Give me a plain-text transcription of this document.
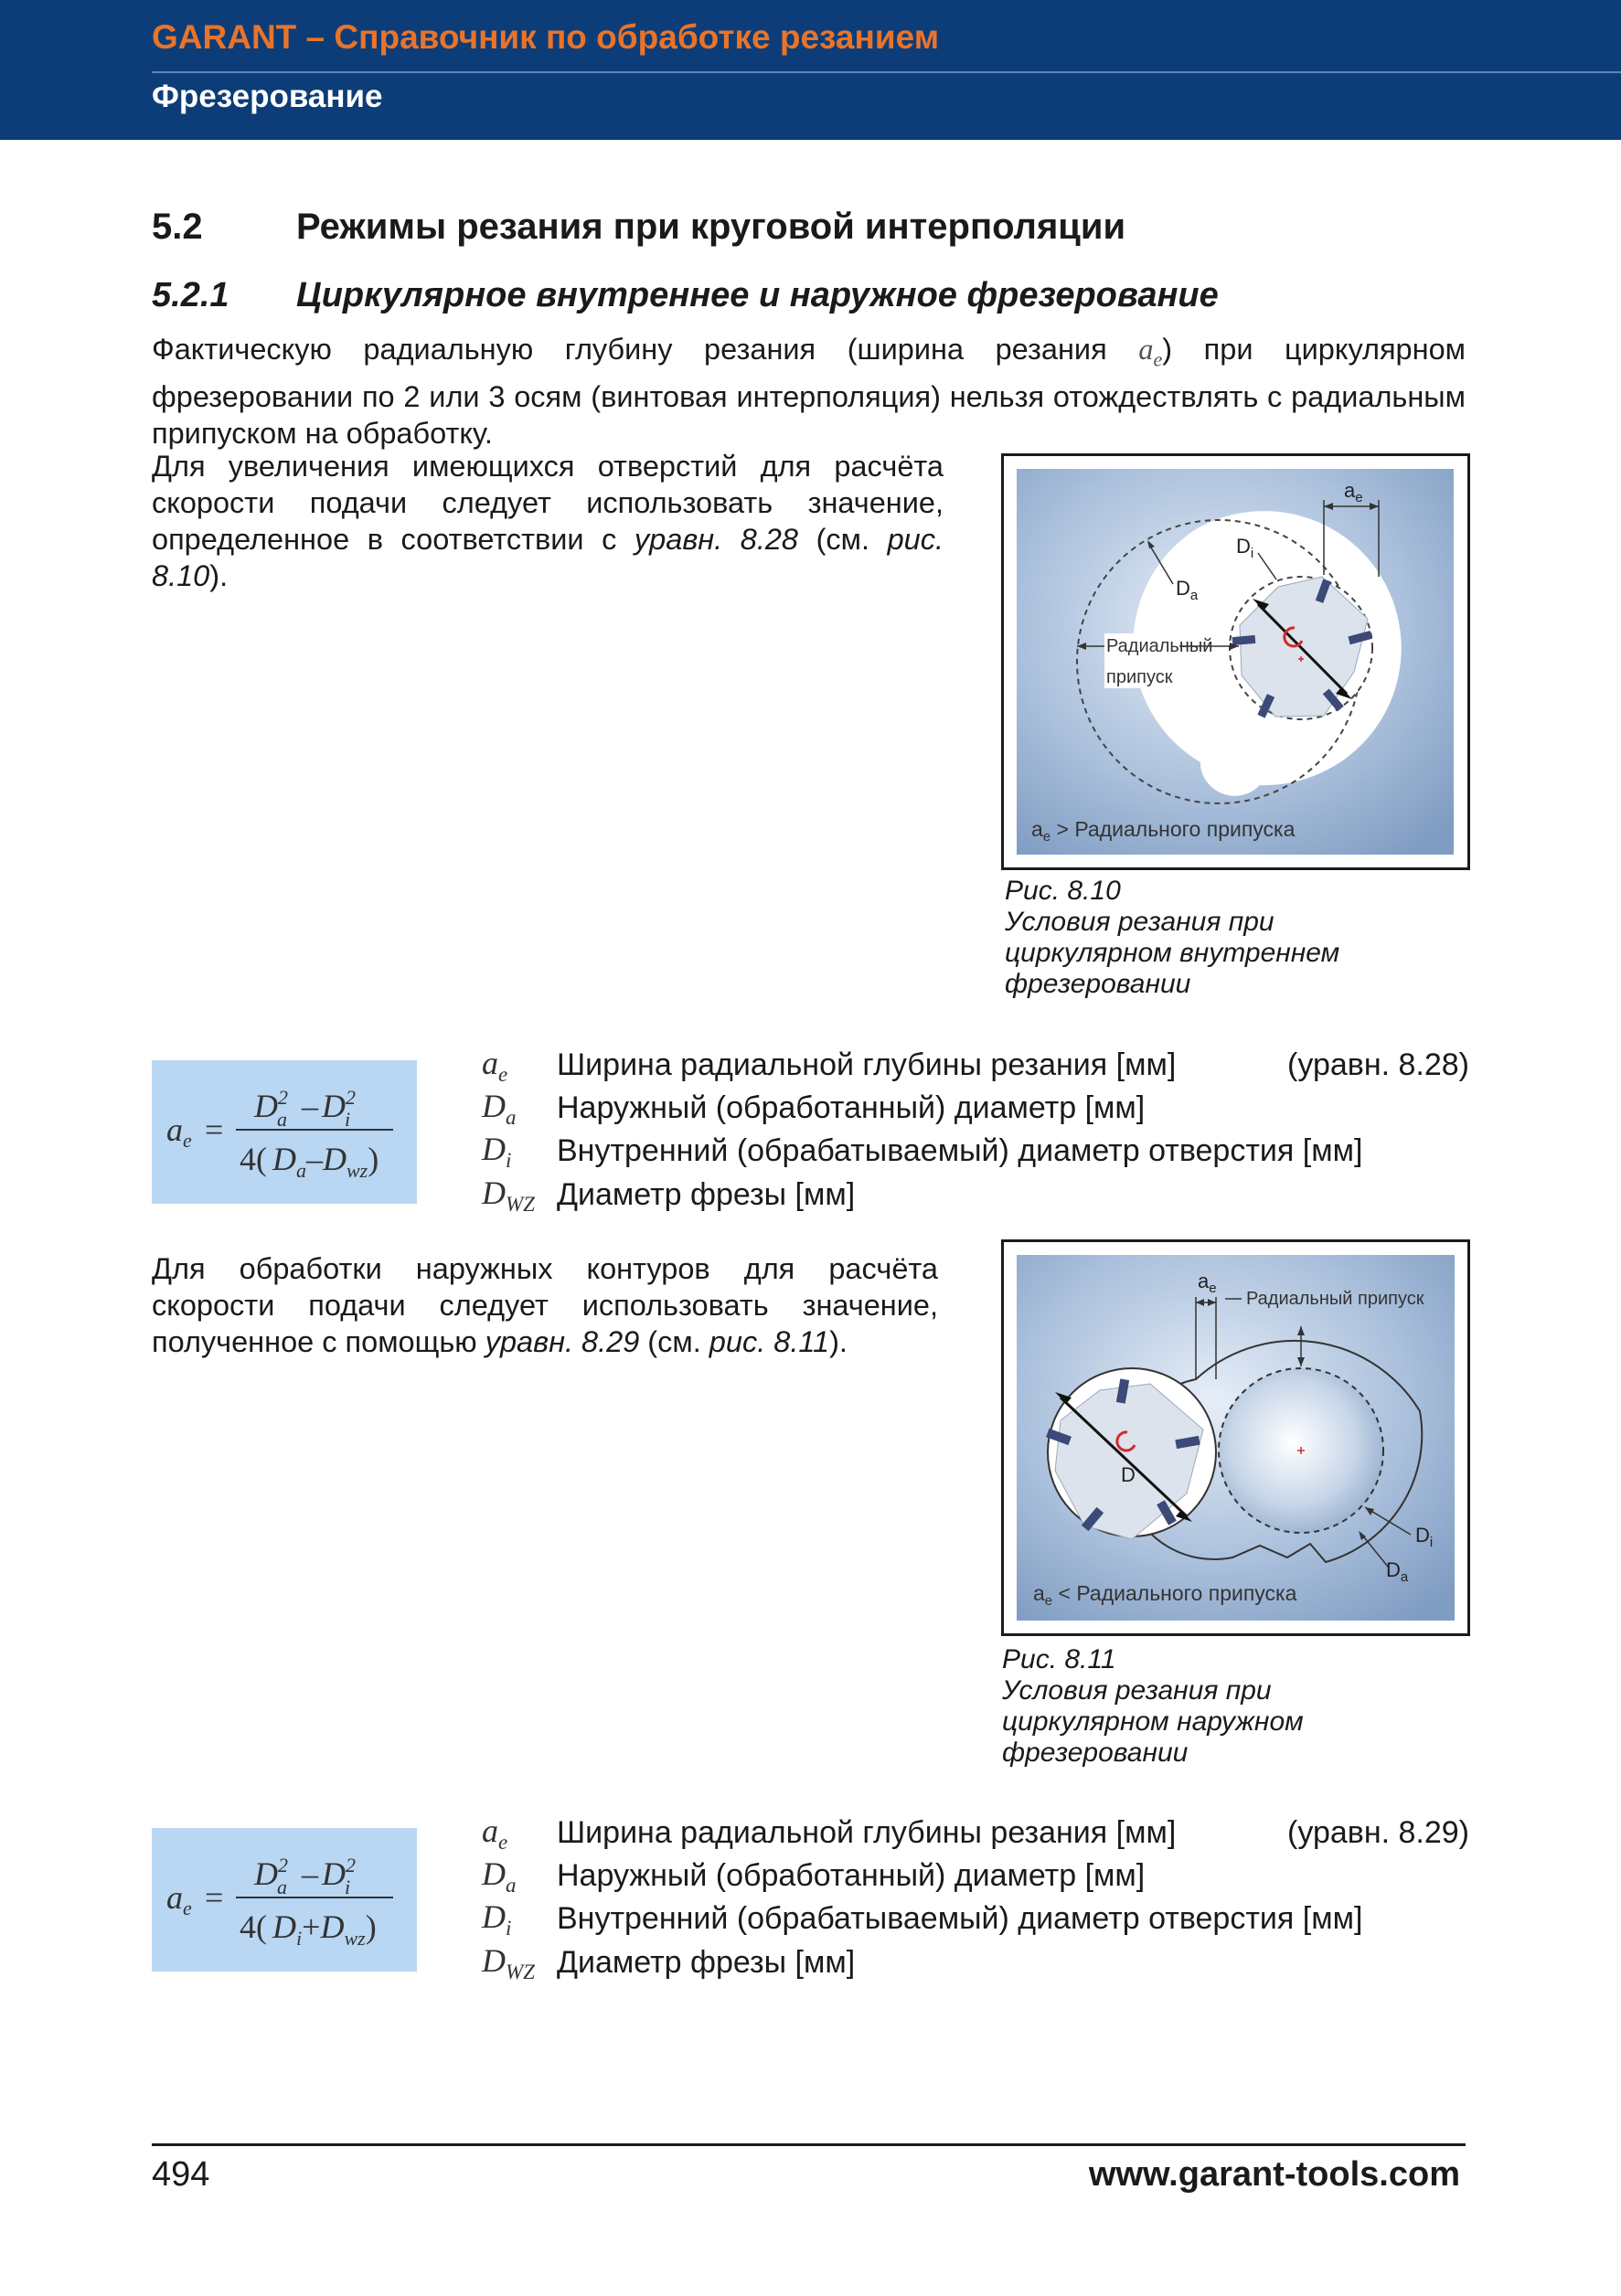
GARANT – Справочник по обработке резанием
Фрезерование
5.2	Режимы резания при круговой интерполяции
5.2.1 Циркулярное внутреннее и наружное фрезерование

Фактическую радиальную глубину резания (ширина резания $a_e$) при циркулярном фрезеровании по 2 или 3 осям (винтовая интерполяция) нельзя отождествлять с радиальным припуском на обработку.

Для увеличения имеющихся отверстий для расчёта скорости подачи следует использовать значение, определенное в соответствии с уравн. 8.28 (см. рис. 8.10).

$a_e$
$D_i$
$D_a$
Радиальный
припуск
$a_e$ > Радиального припуска
Рис. 8.10
Условия резания при циркулярном внутреннем фрезеровании
ae =
$D^2$ a – $D^2$ i
4( $D_a-D_{wz}$)
$a_e$	Ширина радиальной глубины резания [мм]	(уравн. 8.28)
$D_a$	Наружный (обработанный) диаметр [мм]	
$D_i$	Внутренний (обрабатываемый) диаметр отверстия [мм]	
$D_{WZ}$	Диаметр фрезы [мм]	

Для обработки наружных контуров для расчёта скорости подачи следует использовать значение, полученное с помощью уравн. 8.29 (см. рис. 8.11).

D
$a_e$
Радиальный припуск
$D_i$
$D_a$
$a_e$ < Радиального припуска
Рис. 8.11
Условия резания при циркулярном наружном фрезеровании
ae =
$D^2$ a – $D^2$ i
4( $D_i+D_{wz}$)
$a_e$	Ширина радиальной глубины резания [мм]	(уравн. 8.29)
$D_a$	Наружный (обработанный) диаметр [мм]	
$D_i$	Внутренний (обрабатываемый) диаметр отверстия [мм]	
$D_{WZ}$	Диаметр фрезы [мм]	
494	www.garant-tools.com
